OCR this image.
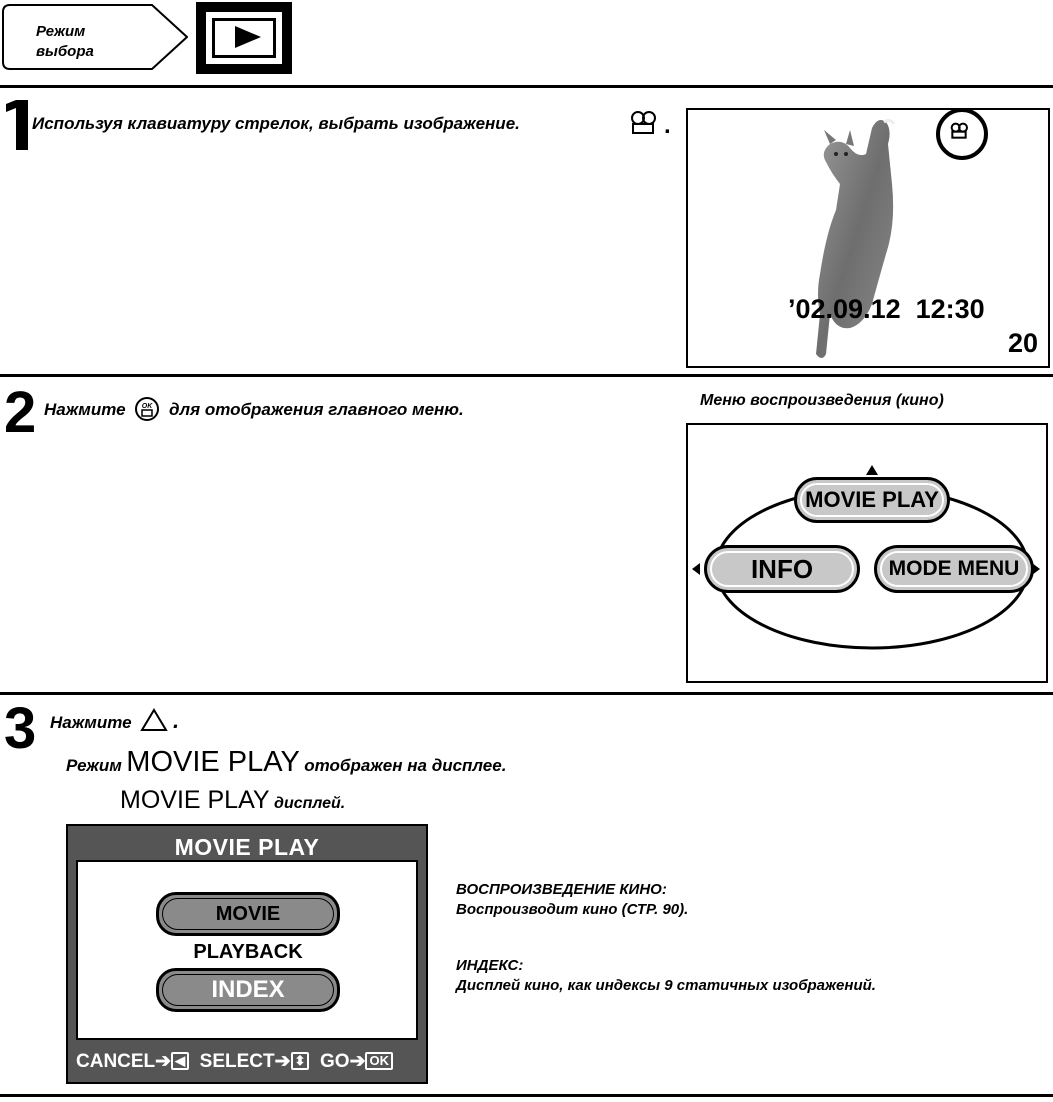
Режим
выбора
Используя клавиатуру стрелок, выбрать изображение.	.
’02.09.12  12:30
20
2 Нажмите OK для отображения главного меню.	Меню воспроизведения (кино)
MOVIE PLAY
INFO	MODE MENU
3 Нажмите .
Режим MOVIE PLAY отображен на дисплее.
MOVIE PLAY дисплей.
MOVIE PLAY
MOVIE PLAYBACK
INDEX
CANCEL➔ ◀ SELECT➔ ⬍ GO➔ OK
ВОСПРОИЗВЕДЕНИЕ КИНО:
Воспроизводит кино (СТР. 90).
ИНДЕКС:
Дисплей кино, как индексы 9 статичных изображений.
